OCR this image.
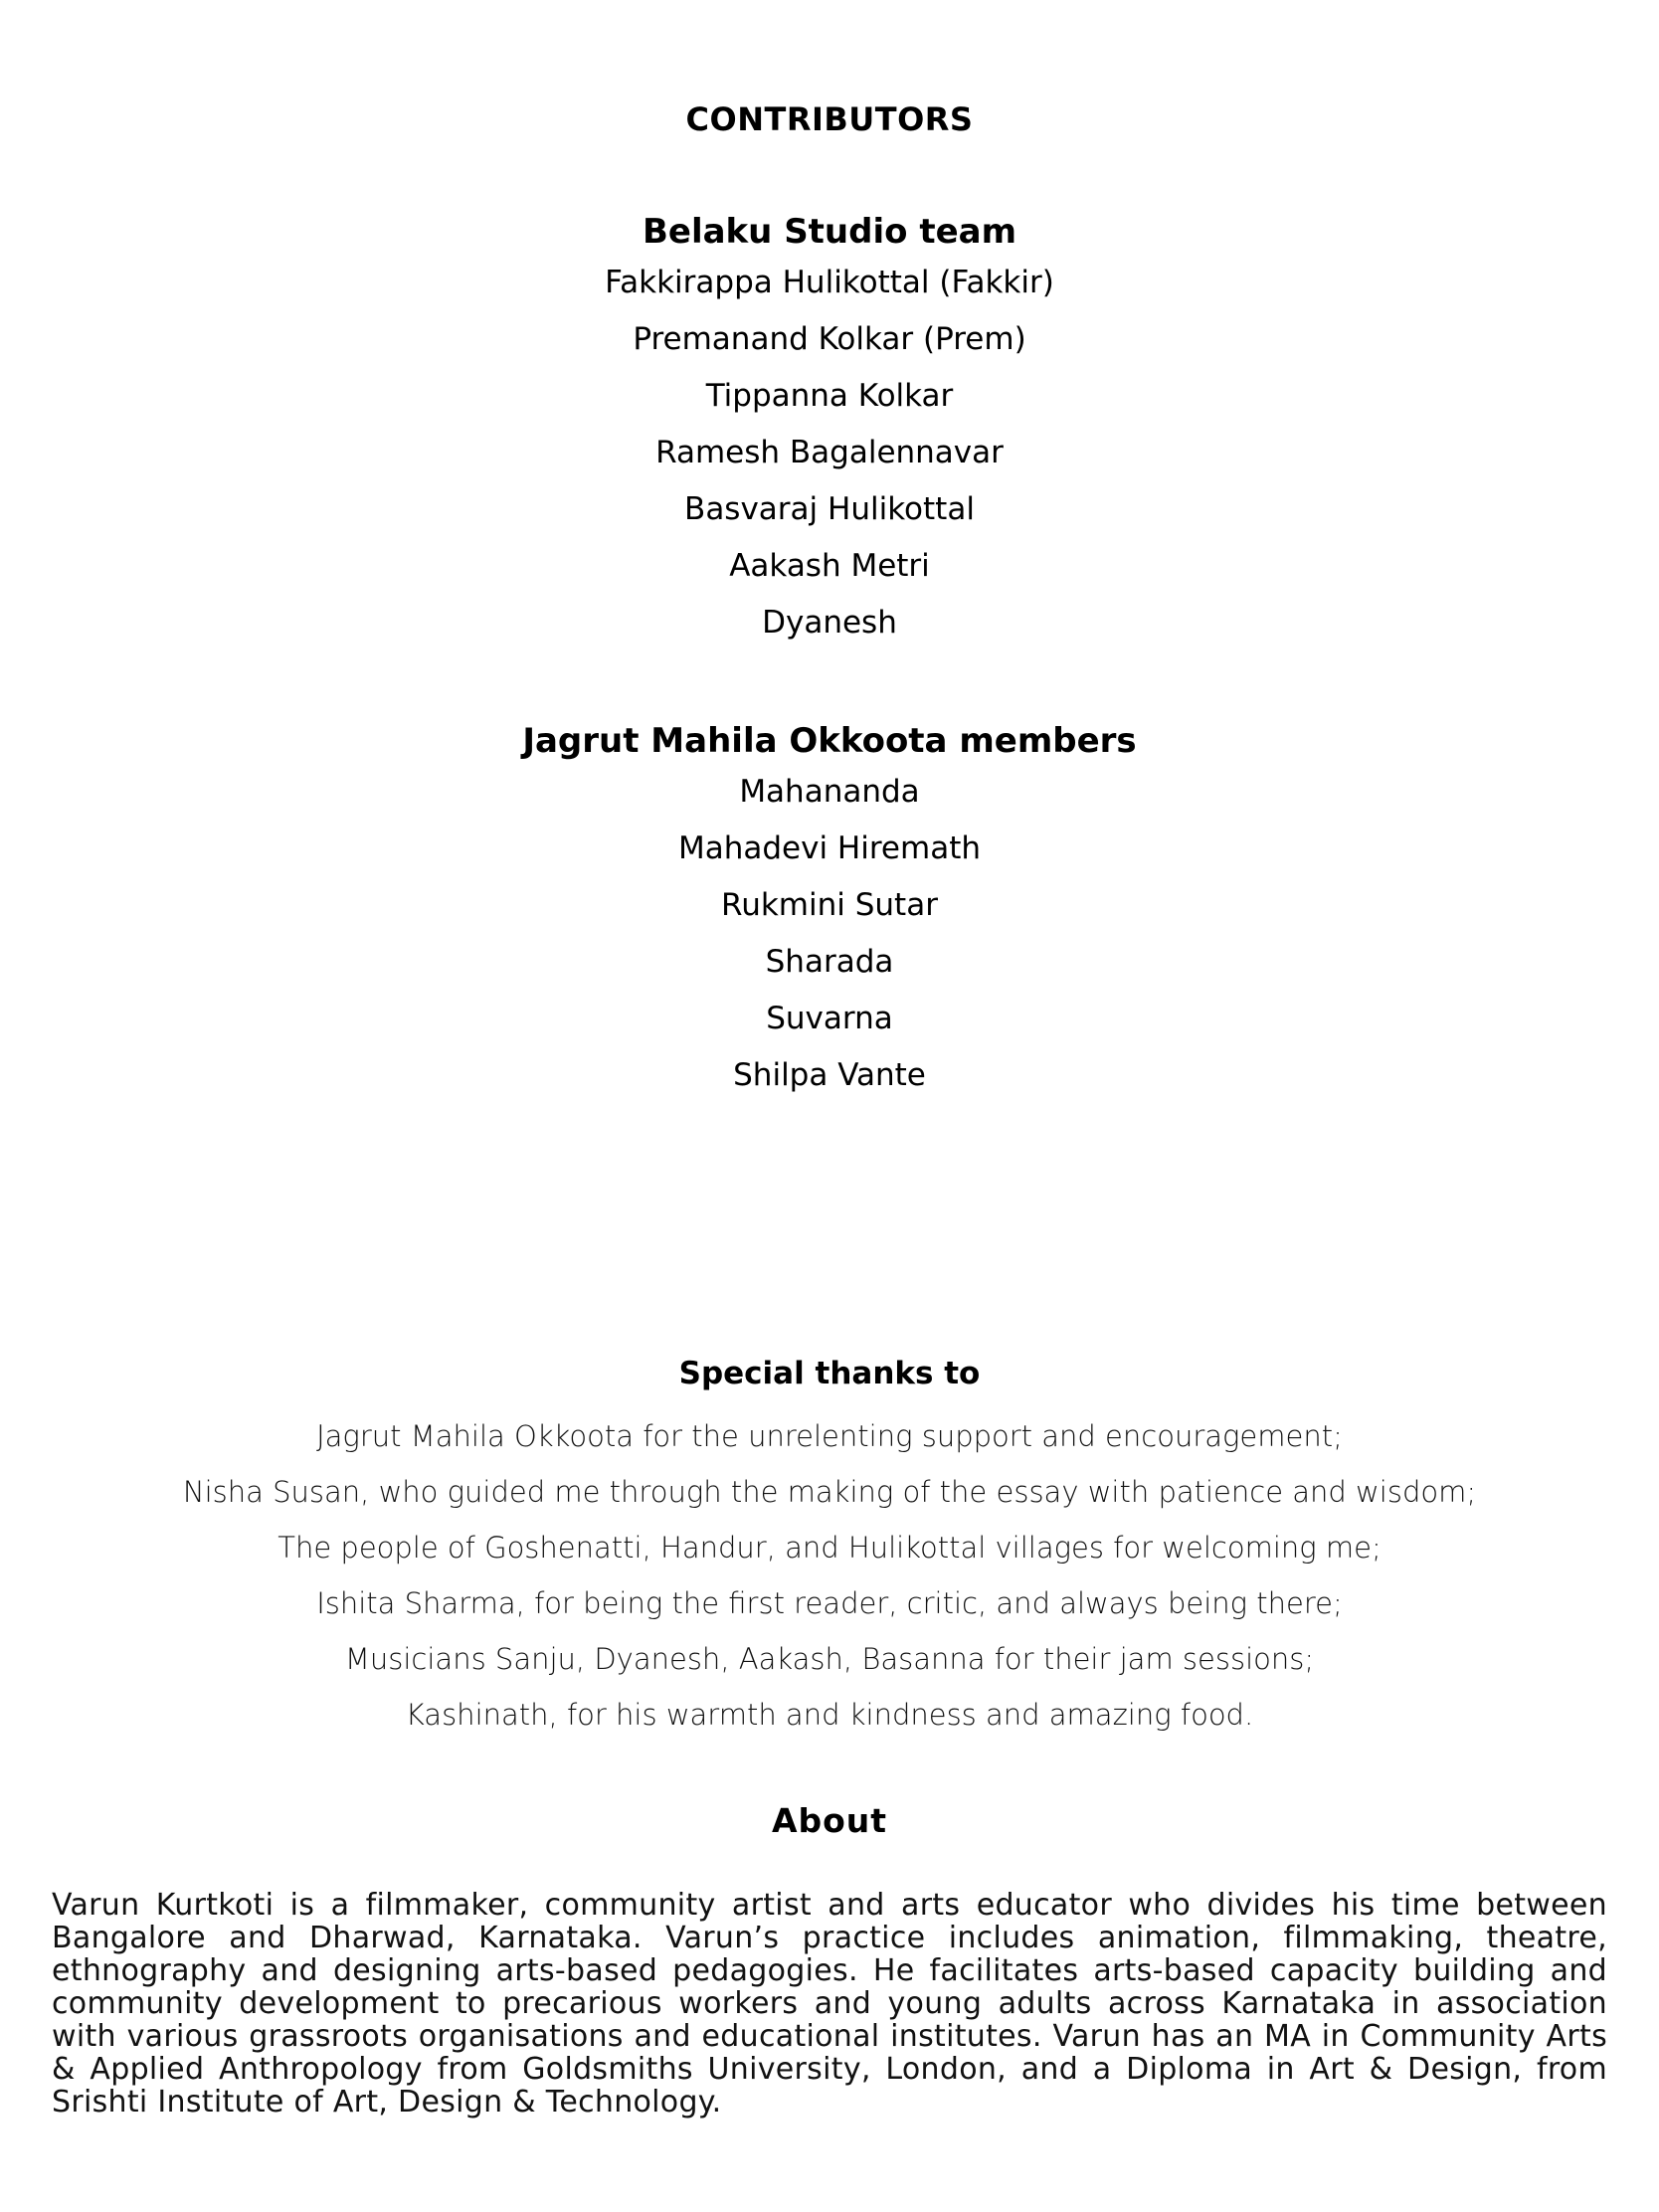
CONTRIBUTORS
Belaku Studio team
Fakkirappa Hulikottal (Fakkir)
Premanand Kolkar (Prem)
Tippanna Kolkar
Ramesh Bagalennavar
Basvaraj Hulikottal
Aakash Metri
Dyanesh
Jagrut Mahila Okkoota members
Mahananda
Mahadevi Hiremath
Rukmini Sutar
Sharada
Suvarna
Shilpa Vante
Special thanks to
Jagrut Mahila Okkoota for the unrelenting support and encouragement;
Nisha Susan, who guided me through the making of the essay with patience and wisdom;
The people of Goshenatti, Handur, and Hulikottal villages for welcoming me;
Ishita Sharma, for being the first reader, critic, and always being there;
Musicians Sanju, Dyanesh, Aakash, Basanna for their jam sessions;
Kashinath, for his warmth and kindness and amazing food.
About

Varun Kurtkoti is a filmmaker, community artist and arts educator who divides his time between Bangalore and Dharwad, Karnataka. Varun’s practice includes animation, filmmaking, theatre, ethnography and designing arts-based pedagogies. He facilitates arts-based capacity building and community development to precarious workers and young adults across Karnataka in association with various grassroots organisations and educational institutes. Varun has an MA in Community Arts & Applied Anthropology from Goldsmiths University, London, and a Diploma in Art & Design, from Srishti Institute of Art, Design & Technology.
